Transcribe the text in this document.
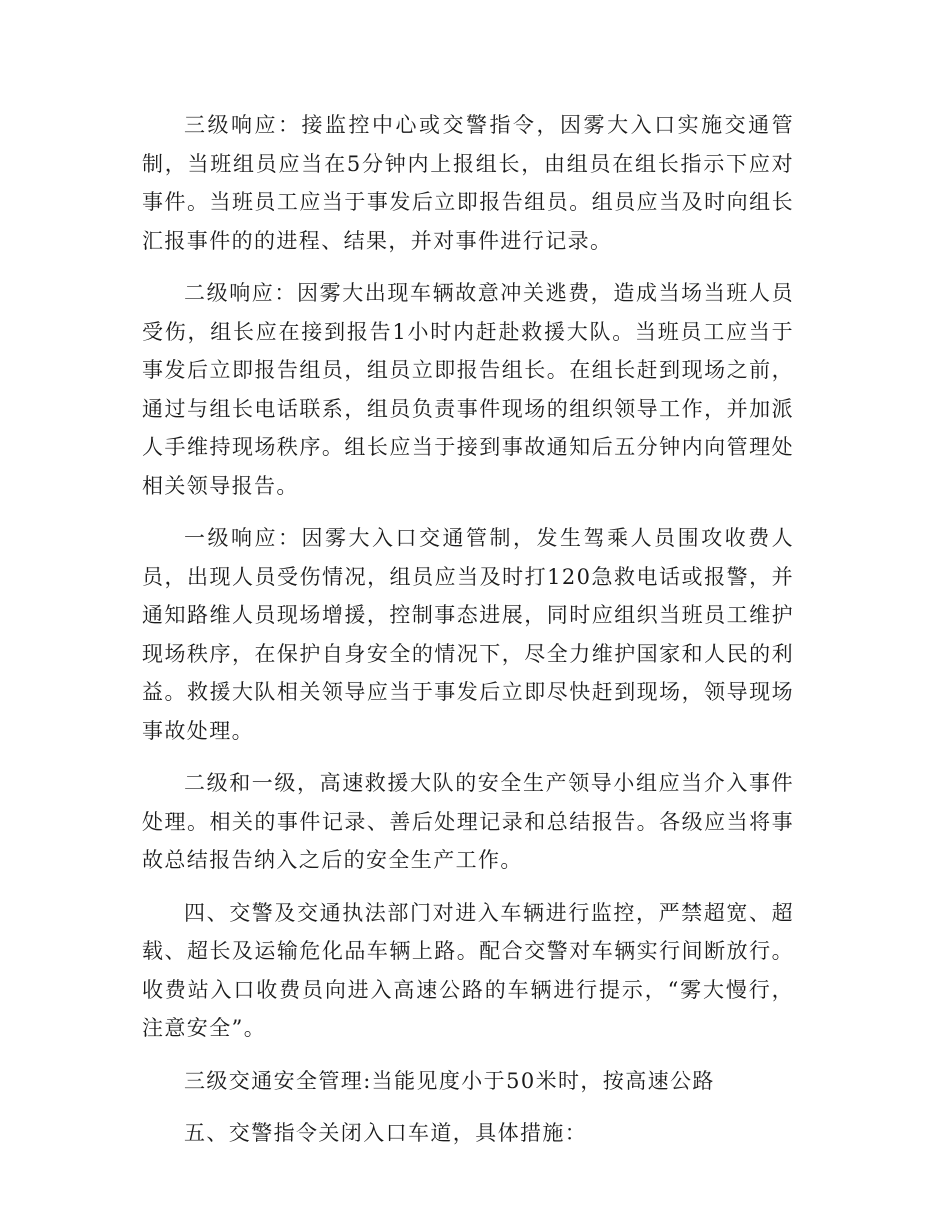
三级响应：接监控中心或交警指令，因雾大入口实施交通管制，当班组员应当在5分钟内上报组长，由组员在组长指示下应对事件。当班员工应当于事发后立即报告组员。组员应当及时向组长汇报事件的的进程、结果，并对事件进行记录。

二级响应：因雾大出现车辆故意冲关逃费，造成当场当班人员受伤，组长应在接到报告1小时内赶赴救援大队。当班员工应当于事发后立即报告组员，组员立即报告组长。在组长赶到现场之前，通过与组长电话联系，组员负责事件现场的组织领导工作，并加派人手维持现场秩序。组长应当于接到事故通知后五分钟内向管理处相关领导报告。

一级响应：因雾大入口交通管制，发生驾乘人员围攻收费人员，出现人员受伤情况，组员应当及时打120急救电话或报警，并通知路维人员现场增援，控制事态进展，同时应组织当班员工维护现场秩序，在保护自身安全的情况下，尽全力维护国家和人民的利益。救援大队相关领导应当于事发后立即尽快赶到现场，领导现场事故处理。

二级和一级，高速救援大队的安全生产领导小组应当介入事件处理。相关的事件记录、善后处理记录和总结报告。各级应当将事故总结报告纳入之后的安全生产工作。

四、交警及交通执法部门对进入车辆进行监控，严禁超宽、超载、超长及运输危化品车辆上路。配合交警对车辆实行间断放行。收费站入口收费员向进入高速公路的车辆进行提示，“雾大慢行，注意安全”。

三级交通安全管理:当能见度小于50米时，按高速公路

五、交警指令关闭入口车道，具体措施：
